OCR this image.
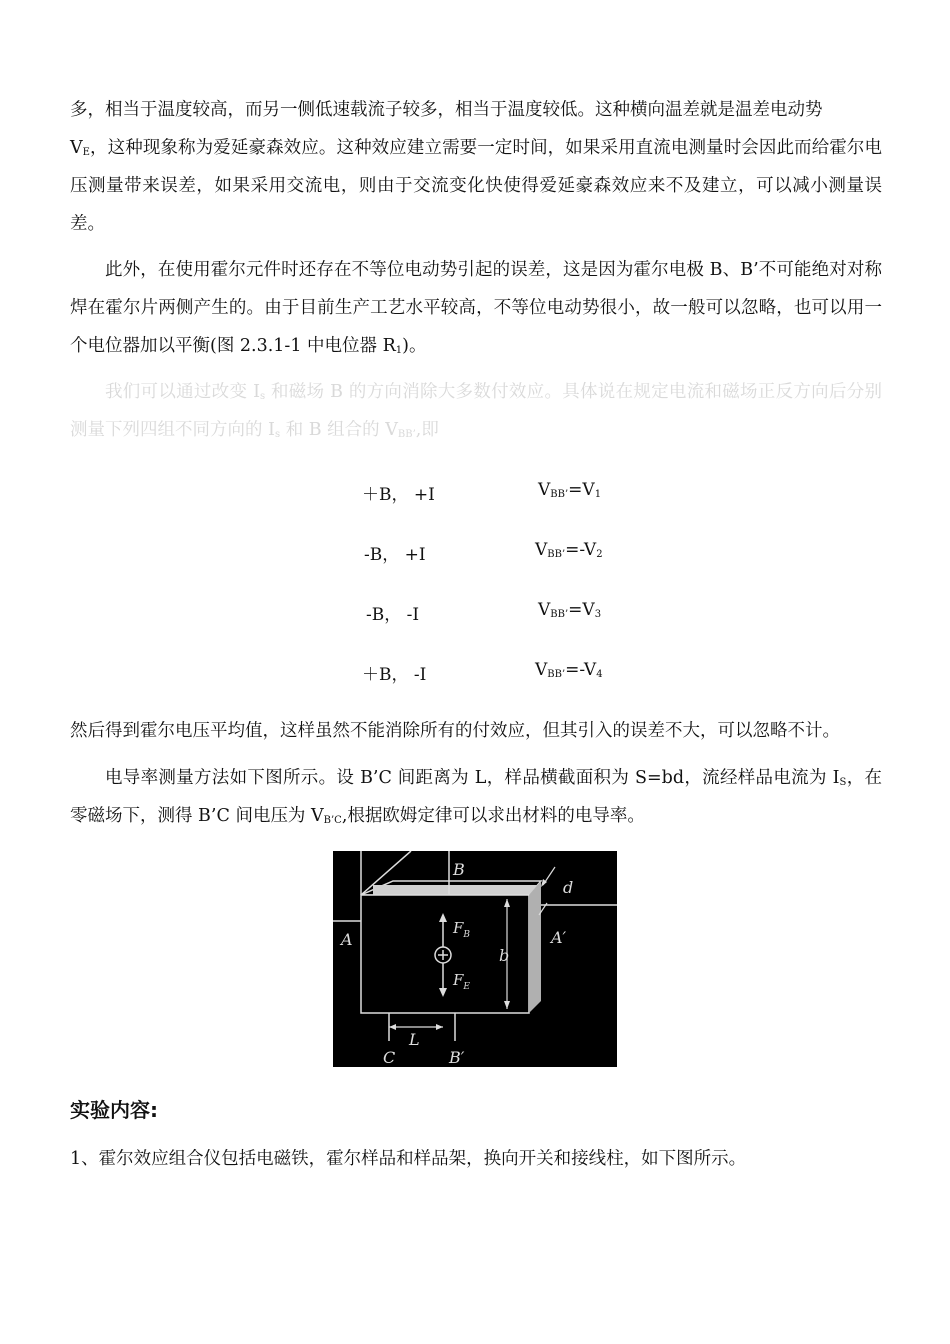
多，相当于温度较高，而另一侧低速载流子较多，相当于温度较低。这种横向温差就是温差电动势
$V_E$，这种现象称为爱延豪森效应。这种效应建立需要一定时间，如果采用直流电测量时会因此而给霍尔电压测量带来误差，如果采用交流电，则由于交流变化快使得爱延豪森效应来不及建立，可以减小测量误差。
此外，在使用霍尔元件时还存在不等位电动势引起的误差，这是因为霍尔电极 B、B’不可能绝对对称焊在霍尔片两侧产生的。由于目前生产工艺水平较高，不等位电动势很小，故一般可以忽略，也可以用一个电位器加以平衡(图 2.3.1-1 中电位器 $R_1$)。
我们可以通过改变 $I_s$ 和磁场 B 的方向消除大多数付效应。具体说在规定电流和磁场正反方向后分别测量下列四组不同方向的 $I_s$ 和 B 组合的 $V_{BB’}$,即
＋B， +I	$V_{BB’}=V_1$
-B， +I	$V_{BB’}=-V_2$
-B， -I	$V_{BB’}=V_3$
＋B， -I	$V_{BB’}=-V_4$
然后得到霍尔电压平均值，这样虽然不能消除所有的付效应，但其引入的误差不大，可以忽略不计。
电导率测量方法如下图所示。设 B’C 间距离为 L，样品横截面积为 S=bd，流经样品电流为 $I_S$，在零磁场下，测得 B’C 间电压为 $V_{B’C}$,根据欧姆定律可以求出材料的电导率。
B
d
A	A′
$F_B$
$F_E$
b
L
C	B′
实验内容:
1、霍尔效应组合仪包括电磁铁，霍尔样品和样品架，换向开关和接线柱，如下图所示。
